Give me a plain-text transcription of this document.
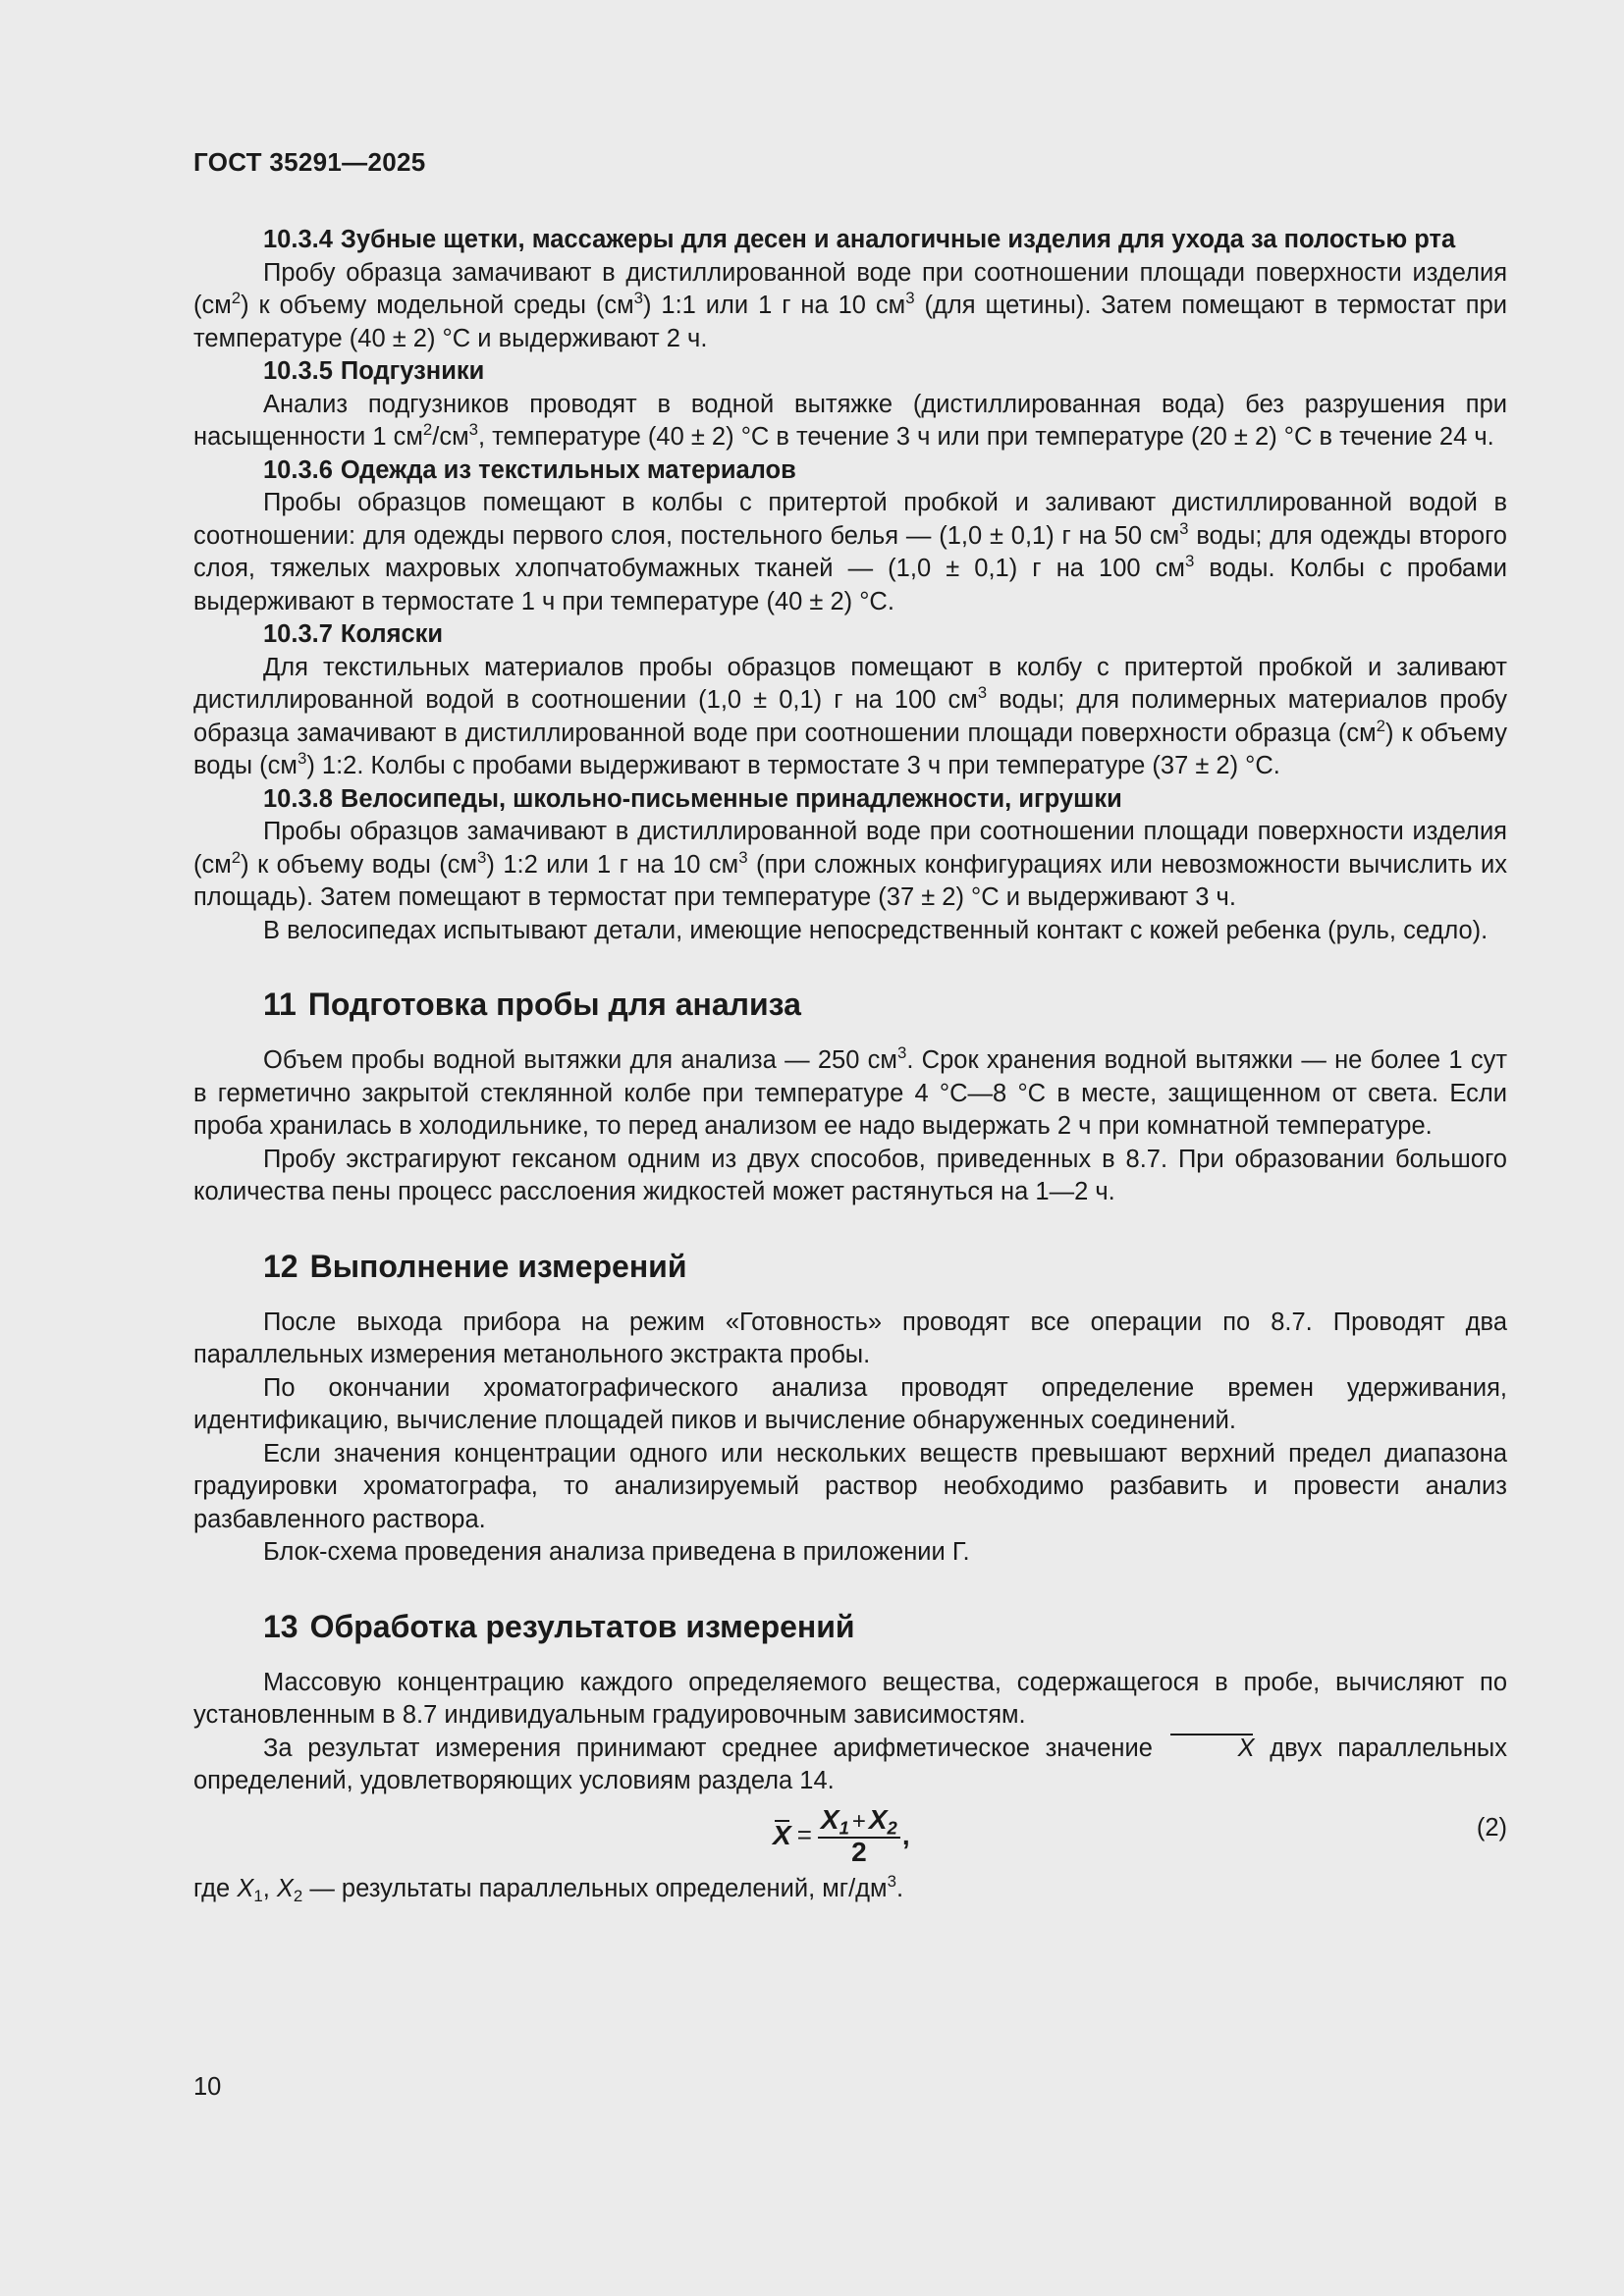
ГОСТ 35291—2025

10.3.4 Зубные щетки, массажеры для десен и аналогичные изделия для ухода за полостью рта

Пробу образца замачивают в дистиллированной воде при соотношении площади поверхности изделия $(см^2)$ к объему модельной среды $(см^3)$ 1:1 или 1 г на 10 $см^3$ (для щетины). Затем помещают в термостат при температуре (40 ± 2) °С и выдерживают 2 ч.

10.3.5 Подгузники

Анализ подгузников проводят в водной вытяжке (дистиллированная вода) без разрушения при насыщенности 1 $см^2/см^3$, температуре (40 ± 2) °С в течение 3 ч или при температуре (20 ± 2) °С в течение 24 ч.

10.3.6 Одежда из текстильных материалов

Пробы образцов помещают в колбы с притертой пробкой и заливают дистиллированной водой в соотношении: для одежды первого слоя, постельного белья — (1,0 ± 0,1) г на 50 $см^3$ воды; для одежды второго слоя, тяжелых махровых хлопчатобумажных тканей — (1,0 ± 0,1) г на 100 $см^3$ воды. Колбы с пробами выдерживают в термостате 1 ч при температуре (40 ± 2) °С.

10.3.7 Коляски

Для текстильных материалов пробы образцов помещают в колбу с притертой пробкой и заливают дистиллированной водой в соотношении (1,0 ± 0,1) г на 100 $см^3$ воды; для полимерных материалов пробу образца замачивают в дистиллированной воде при соотношении площади поверхности образца $(см^2)$ к объему воды $(см^3)$ 1:2. Колбы с пробами выдерживают в термостате 3 ч при температуре (37 ± 2) °С.

10.3.8 Велосипеды, школьно-письменные принадлежности, игрушки

Пробы образцов замачивают в дистиллированной воде при соотношении площади поверхности изделия $(см^2)$ к объему воды $(см^3)$ 1:2 или 1 г на 10 $см^3$ (при сложных конфигурациях или невозможности вычислить их площадь). Затем помещают в термостат при температуре (37 ± 2) °С и выдерживают 3 ч.

В велосипедах испытывают детали, имеющие непосредственный контакт с кожей ребенка (руль, седло).

11 Подготовка пробы для анализа

Объем пробы водной вытяжки для анализа — 250 $см^3$. Срок хранения водной вытяжки — не более 1 сут в герметично закрытой стеклянной колбе при температуре 4 °С—8 °С в месте, защищенном от света. Если проба хранилась в холодильнике, то перед анализом ее надо выдержать 2 ч при комнатной температуре.

Пробу экстрагируют гексаном одним из двух способов, приведенных в 8.7. При образовании большого количества пены процесс расслоения жидкостей может растянуться на 1—2 ч.

12 Выполнение измерений

После выхода прибора на режим «Готовность» проводят все операции по 8.7. Проводят два параллельных измерения метанольного экстракта пробы.

По окончании хроматографического анализа проводят определение времен удерживания, идентификацию, вычисление площадей пиков и вычисление обнаруженных соединений.

Если значения концентрации одного или нескольких веществ превышают верхний предел диапазона градуировки хроматографа, то анализируемый раствор необходимо разбавить и провести анализ разбавленного раствора.

Блок-схема проведения анализа приведена в приложении Г.

13 Обработка результатов измерений

Массовую концентрацию каждого определяемого вещества, содержащегося в пробе, вычисляют по установленным в 8.7 индивидуальным градуировочным зависимостям.

За результат измерения принимают среднее арифметическое значение	X двух параллельных определений, удовлетворяющих условиям раздела 14.

$X = \frac{X_1 + X_2}{2}$ ,	(2)
где $X_1$, $X_2$ — результаты параллельных определений, $мг/дм^3$.
10
